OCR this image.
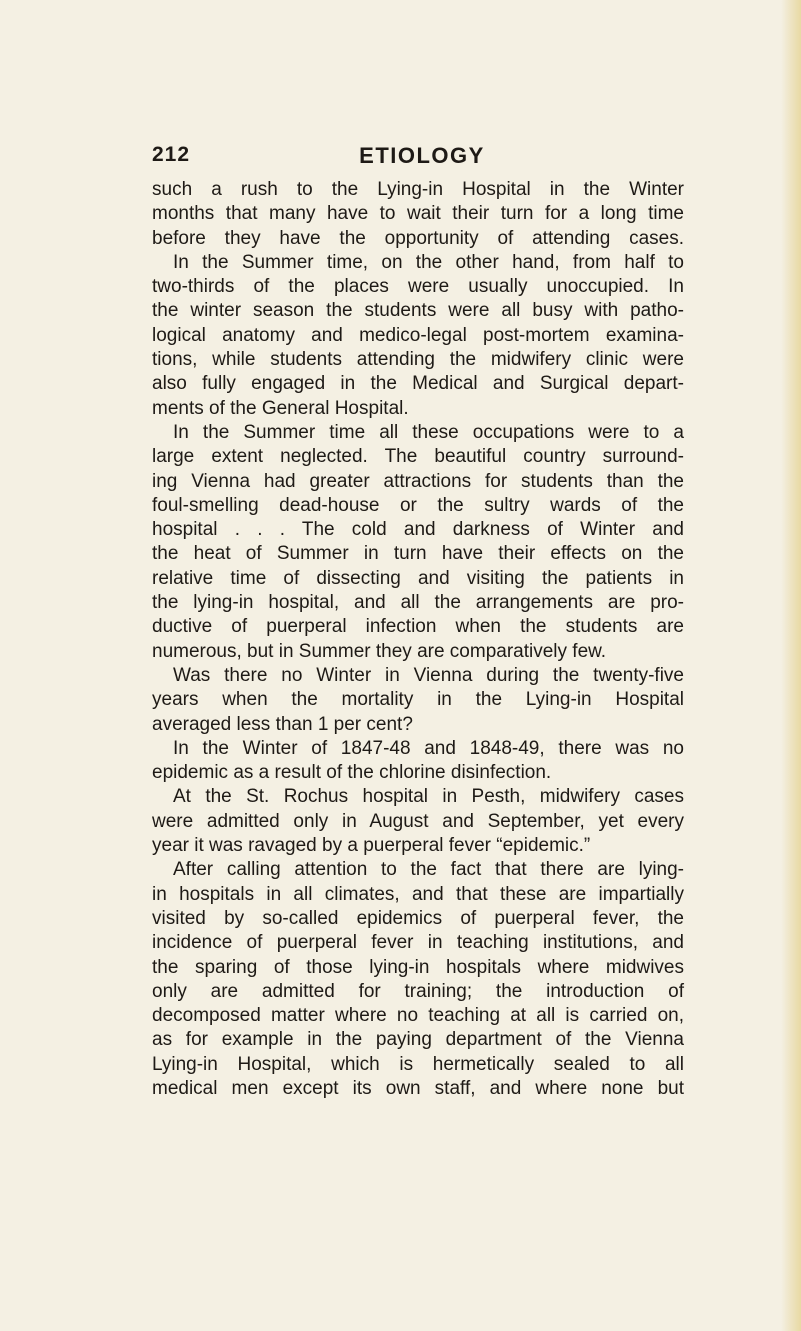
212	ETIOLOGY
such a rush to the Lying-in Hospital in the Winter
months that many have to wait their turn for a long time
before they have the opportunity of attending cases.
In the Summer time, on the other hand, from half to
two-thirds of the places were usually unoccupied. In
the winter season the students were all busy with patho-
logical anatomy and medico-legal post-mortem examina-
tions, while students attending the midwifery clinic were
also fully engaged in the Medical and Surgical depart-
ments of the General Hospital.
In the Summer time all these occupations were to a
large extent neglected. The beautiful country surround-
ing Vienna had greater attractions for students than the
foul-smelling dead-house or the sultry wards of the
hospital . . . The cold and darkness of Winter and
the heat of Summer in turn have their effects on the
relative time of dissecting and visiting the patients in
the lying-in hospital, and all the arrangements are pro-
ductive of puerperal infection when the students are
numerous, but in Summer they are comparatively few.
Was there no Winter in Vienna during the twenty-five
years when the mortality in the Lying-in Hospital
averaged less than 1 per cent?
In the Winter of 1847-48 and 1848-49, there was no
epidemic as a result of the chlorine disinfection.
At the St. Rochus hospital in Pesth, midwifery cases
were admitted only in August and September, yet every
year it was ravaged by a puerperal fever “epidemic.”
After calling attention to the fact that there are lying-
in hospitals in all climates, and that these are impartially
visited by so-called epidemics of puerperal fever, the
incidence of puerperal fever in teaching institutions, and
the sparing of those lying-in hospitals where midwives
only are admitted for training; the introduction of
decomposed matter where no teaching at all is carried on,
as for example in the paying department of the Vienna
Lying-in Hospital, which is hermetically sealed to all
medical men except its own staff, and where none but
